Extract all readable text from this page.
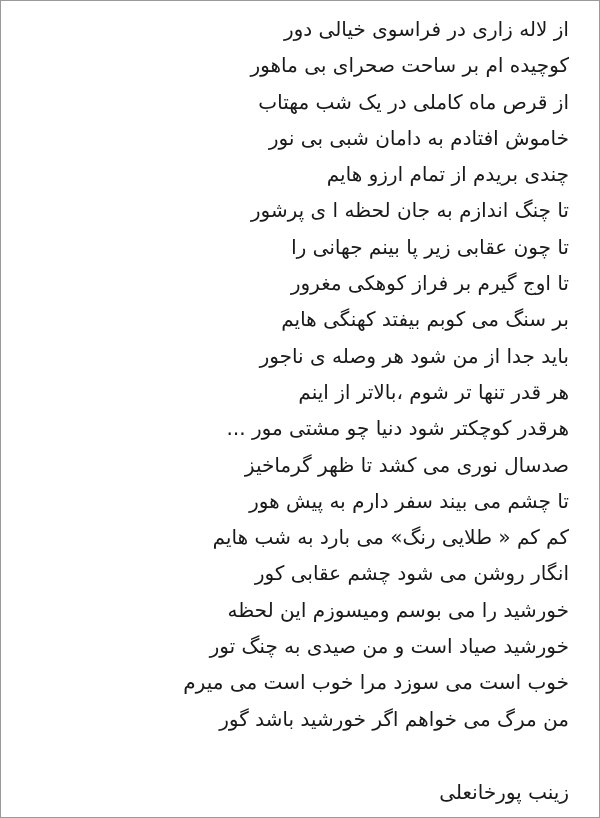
از لاله زاری در فراسوی خیالی دور
کوچیده ام بر ساحت صحرای بی ماهور
از قرص ماه کاملی در یک شب مهتاب
خاموش افتادم به دامان شبی بی نور
چندی بریدم از تمام ارزو هایم
تا چنگ اندازم به جان لحظه ا ی پرشور
تا چون عقابی زیر پا بینم جهانی را
تا اوج گیرم بر فراز کوهکی مغرور
بر سنگ می کوبم بیفتد کهنگی هایم
باید جدا از من شود هر وصله ی ناجور
هر قدر تنها تر شوم ،بالاتر از اینم
هرقدر کوچکتر شود دنیا چو مشتی مور ...
صدسال نوری می کشد تا ظهر گرماخیز
تا چشم می بیند سفر دارم به پیش هور
کم کم « طلایی رنگ» می بارد به شب هایم
انگار روشن می شود چشم عقابی کور
خورشید را می بوسم ومیسوزم این لحظه
خورشید صیاد است و من صیدی به چنگ تور
خوب است می سوزد مرا خوب است می میرم
من مرگ می خواهم اگر خورشید باشد گور
زینب پورخانعلی
